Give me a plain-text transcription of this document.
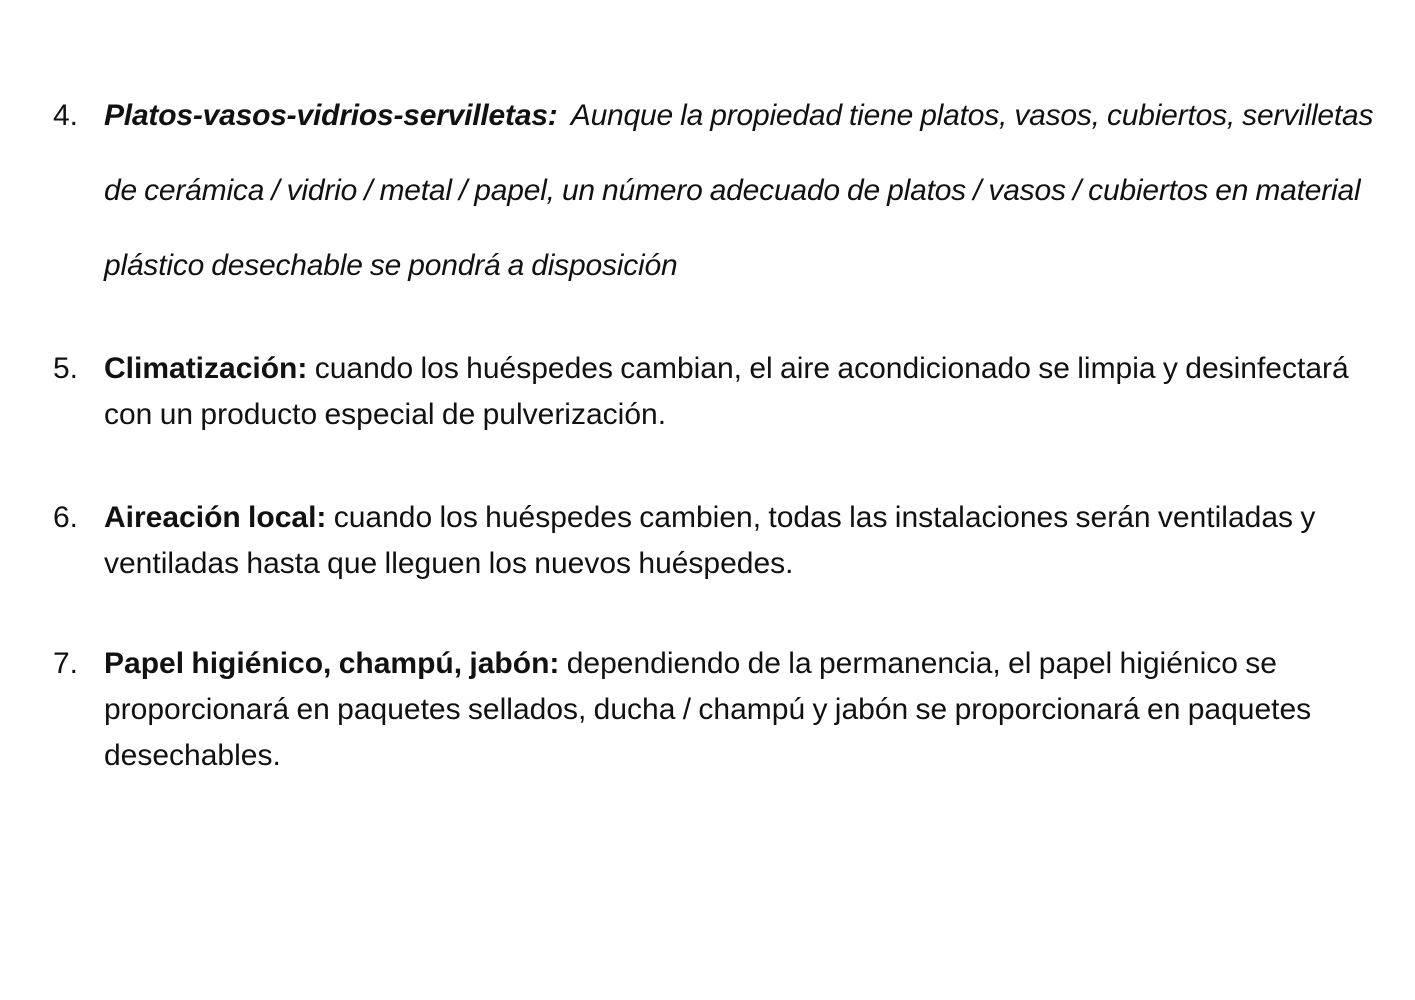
4. Platos-vasos-vidrios-servilletas:  Aunque la propiedad tiene platos, vasos, cubiertos, servilletas de cerámica / vidrio / metal / papel, un número adecuado de platos / vasos / cubiertos en material plástico desechable se pondrá a disposición
5. Climatización: cuando los huéspedes cambian, el aire acondicionado se limpia y desinfectará con un producto especial de pulverización.
6. Aireación local: cuando los huéspedes cambien, todas las instalaciones serán ventiladas y ventiladas hasta que lleguen los nuevos huéspedes.
7. Papel higiénico, champú, jabón: dependiendo de la permanencia, el papel higiénico se proporcionará en paquetes sellados, ducha / champú y jabón se proporcionará en paquetes desechables.
